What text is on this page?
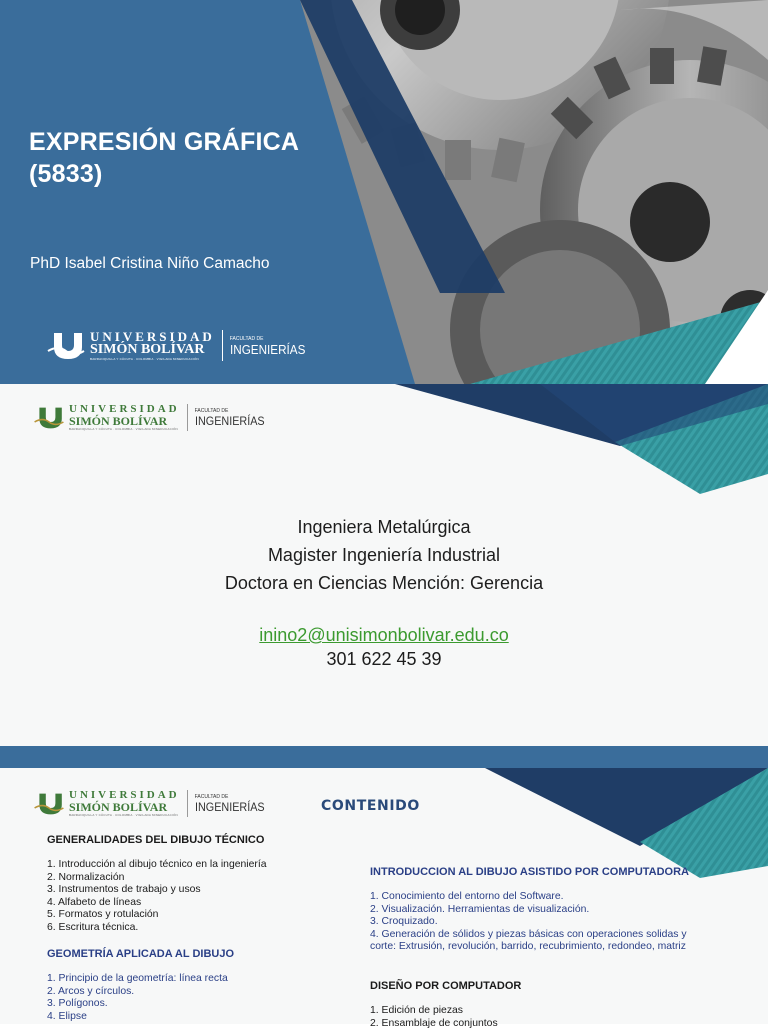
EXPRESIÓN GRÁFICA
(5833)
PhD Isabel Cristina Niño Camacho
UNIVERSIDAD
SIMÓN BOLÍVAR
BARRANQUILLA Y CÚCUTA · COLOMBIA · VIGILADA MINEDUCACIÓN
FACULTAD DE
INGENIERÍAS
UNIVERSIDAD
SIMÓN BOLÍVAR
BARRANQUILLA Y CÚCUTA · COLOMBIA · VIGILADA MINEDUCACIÓN
FACULTAD DE
INGENIERÍAS
Ingeniera Metalúrgica
Magister Ingeniería Industrial
Doctora en Ciencias Mención: Gerencia
inino2@unisimonbolivar.edu.co
301 622 45 39
UNIVERSIDAD
SIMÓN BOLÍVAR
BARRANQUILLA Y CÚCUTA · COLOMBIA · VIGILADA MINEDUCACIÓN
FACULTAD DE
INGENIERÍAS	CONTENIDO
GENERALIDADES DEL DIBUJO TÉCNICO
1. Introducción al dibujo técnico en la ingeniería
2. Normalización
3. Instrumentos de trabajo y usos
4. Alfabeto de líneas
5. Formatos y rotulación
6. Escritura técnica.
GEOMETRÍA APLICADA AL DIBUJO
1. Principio de la geometría: línea recta
2. Arcos y círculos.
3. Polígonos.
4. Elipse
INTRODUCCION AL DIBUJO ASISTIDO POR COMPUTADORA
1. Conocimiento del entorno del Software.
2. Visualización. Herramientas de visualización.
3. Croquizado.
4. Generación de sólidos y piezas básicas con operaciones solidas y
corte: Extrusión, revolución, barrido, recubrimiento, redondeo, matriz
DISEÑO POR COMPUTADOR
1. Edición de piezas
2. Ensamblaje de conjuntos
